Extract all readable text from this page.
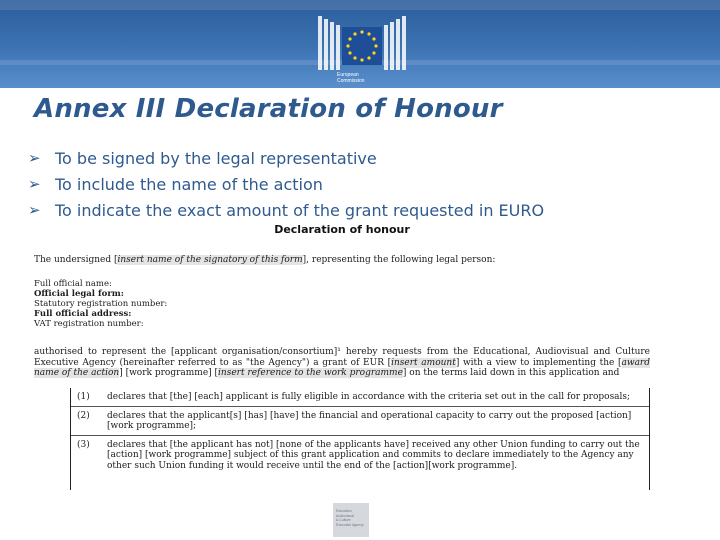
European
Commission
Annex III Declaration of Honour
➢ To be signed by the legal representative
➢ To include the name of the action
➢ To indicate the exact amount of the grant requested in EURO
Declaration of honour
The undersigned [insert name of the signatory of this form], representing the following legal person:
Full official name:
Official legal form:
Statutory registration number:
Full official address:
VAT registration number:
authorised to represent the [applicant organisation/consortium]¹ hereby requests from the Educational, Audiovisual and Culture Executive Agency (hereinafter referred to as "the Agency") a grant of EUR [insert amount] with a view to implementing the [award name of the action] [work programme] [insert reference to the work programme] on the terms laid down in this application and
(1)	declares that [the] [each] applicant is fully eligible in accordance with the criteria set out in the call for proposals;
(2)	declares that the applicant[s] [has] [have] the financial and operational capacity to carry out the proposed [action] [work programme];
(3)	declares that [the applicant has not] [none of the applicants have] received any other Union funding to carry out the [action] [work programme] subject of this grant application and commits to declare immediately to the Agency any other such Union funding it would receive until the end of the [action][work programme].
Education,
Audiovisual
& Culture
Executive Agency
